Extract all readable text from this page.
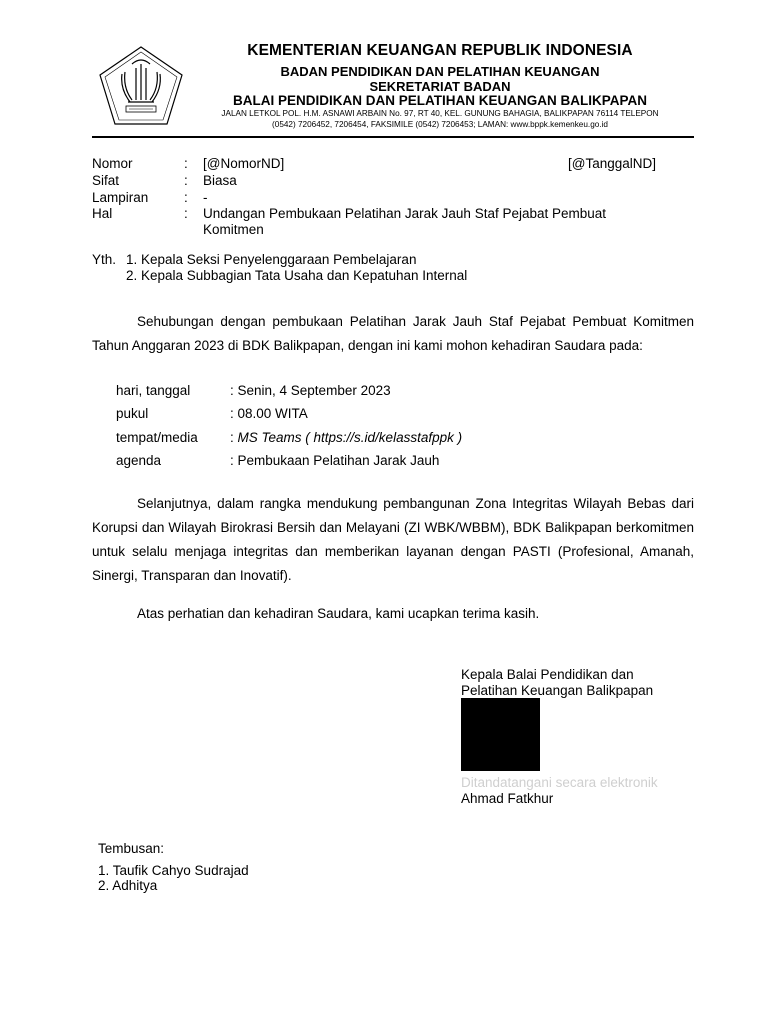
KEMENTERIAN KEUANGAN REPUBLIK INDONESIA
BADAN PENDIDIKAN DAN PELATIHAN KEUANGAN
SEKRETARIAT BADAN
BALAI PENDIDIKAN DAN PELATIHAN KEUANGAN BALIKPAPAN
JALAN LETKOL POL. H.M. ASNAWI ARBAIN No. 97, RT 40, KEL. GUNUNG BAHAGIA, BALIKPAPAN 76114 TELEPON
(0542) 7206452, 7206454, FAKSIMILE (0542) 7206453; LAMAN: www.bppk.kemenkeu.go.id
Nomor	: [@NomorND]	[@TanggalND]
Sifat	: Biasa
Lampiran	: -
Hal	: Undangan Pembukaan Pelatihan Jarak Jauh Staf Pejabat Pembuat Komitmen
Yth. 1. Kepala Seksi Penyelenggaraan Pembelajaran
2. Kepala Subbagian Tata Usaha dan Kepatuhan Internal
Sehubungan dengan pembukaan Pelatihan Jarak Jauh Staf Pejabat Pembuat Komitmen Tahun Anggaran 2023 di BDK Balikpapan, dengan ini kami mohon kehadiran Saudara pada:
hari, tanggal	: Senin, 4 September 2023
pukul	: 08.00 WITA
tempat/media : MS Teams ( https://s.id/kelasstafppk )
agenda	: Pembukaan Pelatihan Jarak Jauh
Selanjutnya, dalam rangka mendukung pembangunan Zona Integritas Wilayah Bebas dari Korupsi dan Wilayah Birokrasi Bersih dan Melayani (ZI WBK/WBBM), BDK Balikpapan berkomitmen untuk selalu menjaga integritas dan memberikan layanan dengan PASTI (Profesional, Amanah, Sinergi, Transparan dan Inovatif).
Atas perhatian dan kehadiran Saudara, kami ucapkan terima kasih.
Kepala Balai Pendidikan dan
Pelatihan Keuangan Balikpapan
Ditandatangani secara elektronik
Ahmad Fatkhur
Tembusan:
1. Taufik Cahyo Sudrajad
2. Adhitya
